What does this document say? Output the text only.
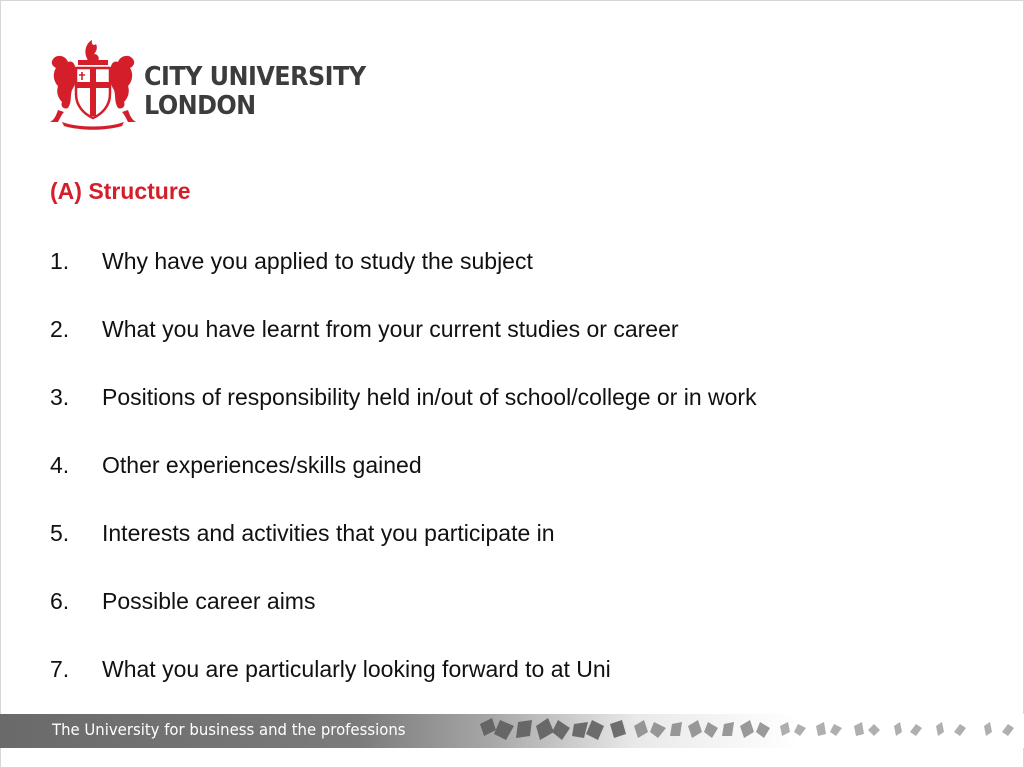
CITY UNIVERSITY
LONDON
(A) Structure
1. Why have you applied to study the subject
2. What you have learnt from your current studies or career
3. Positions of responsibility held in/out of school/college or in work
4. Other experiences/skills gained
5. Interests and activities that you participate in
6. Possible career aims
7. What you are particularly looking forward to at Uni
The University for business and the professions
